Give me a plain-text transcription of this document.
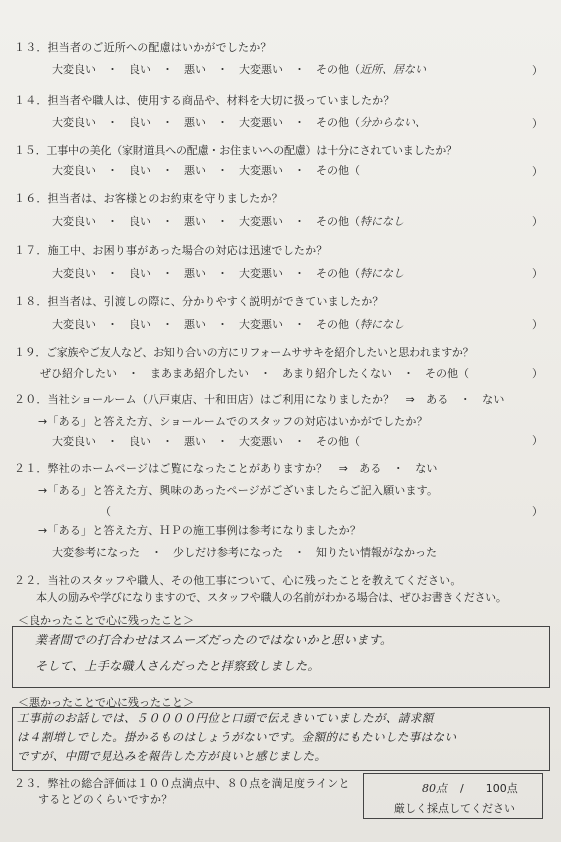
１３．担当者のご近所への配慮はいかがでしたか？
大変良い　・　良い　・　悪い　・　大変悪い　・　その他（近所、居ない	）
１４．担当者や職人は、使用する商品や、材料を大切に扱っていましたか？
大変良い　・　良い　・　悪い　・　大変悪い　・　その他（分からない、	）
１５．工事中の美化（家財道具への配慮・お住まいへの配慮）は十分にされていましたか？
大変良い　・　良い　・　悪い　・　大変悪い　・　その他（	）
１６．担当者は、お客様とのお約束を守りましたか？
大変良い　・　良い　・　悪い　・　大変悪い　・　その他（特になし	）
１７．施工中、お困り事があった場合の対応は迅速でしたか？
大変良い　・　良い　・　悪い　・　大変悪い　・　その他（特になし	）
１８．担当者は、引渡しの際に、分かりやすく説明ができていましたか？
大変良い　・　良い　・　悪い　・　大変悪い　・　その他（特になし	）
１９．ご家族やご友人など、お知り合いの方にリフォームササキを紹介したいと思われますか？
ぜひ紹介したい　・　まあまあ紹介したい　・　あまり紹介したくない　・　その他（	）
２０．当社ショールーム（八戸東店、十和田店）はご利用になりましたか？　⇒　ある　・　ない
→「ある」と答えた方、ショールームでのスタッフの対応はいかがでしたか？
大変良い　・　良い　・　悪い　・　大変悪い　・　その他（	）
２１．弊社のホームページはご覧になったことがありますか？　⇒　ある　・　ない
→「ある」と答えた方、興味のあったページがございましたらご記入願います。
（	）
→「ある」と答えた方、ＨＰの施工事例は参考になりましたか？
大変参考になった　・　少しだけ参考になった　・　知りたい情報がなかった
２２．当社のスタッフや職人、その他工事について、心に残ったことを教えてください。
本人の励みや学びになりますので、スタッフや職人の名前がわかる場合は、ぜひお書きください。
＜良かったことで心に残ったこと＞
業者間での打合わせはスムーズだったのではないかと思います。
そして、上手な職人さんだったと拝察致しました。
＜悪かったことで心に残ったこと＞
工事前のお話しでは、５００００円位と口頭で伝えきいていましたが、請求額
は４割増しでした。掛かるものはしょうがないです。金額的にもたいした事はない
ですが、中間で見込みを報告した方が良いと感じました。
２３．弊社の総合評価は１００点満点中、８０点を満足度ラインと
するとどのくらいですか？
80点 /　　100点
厳しく採点してください
